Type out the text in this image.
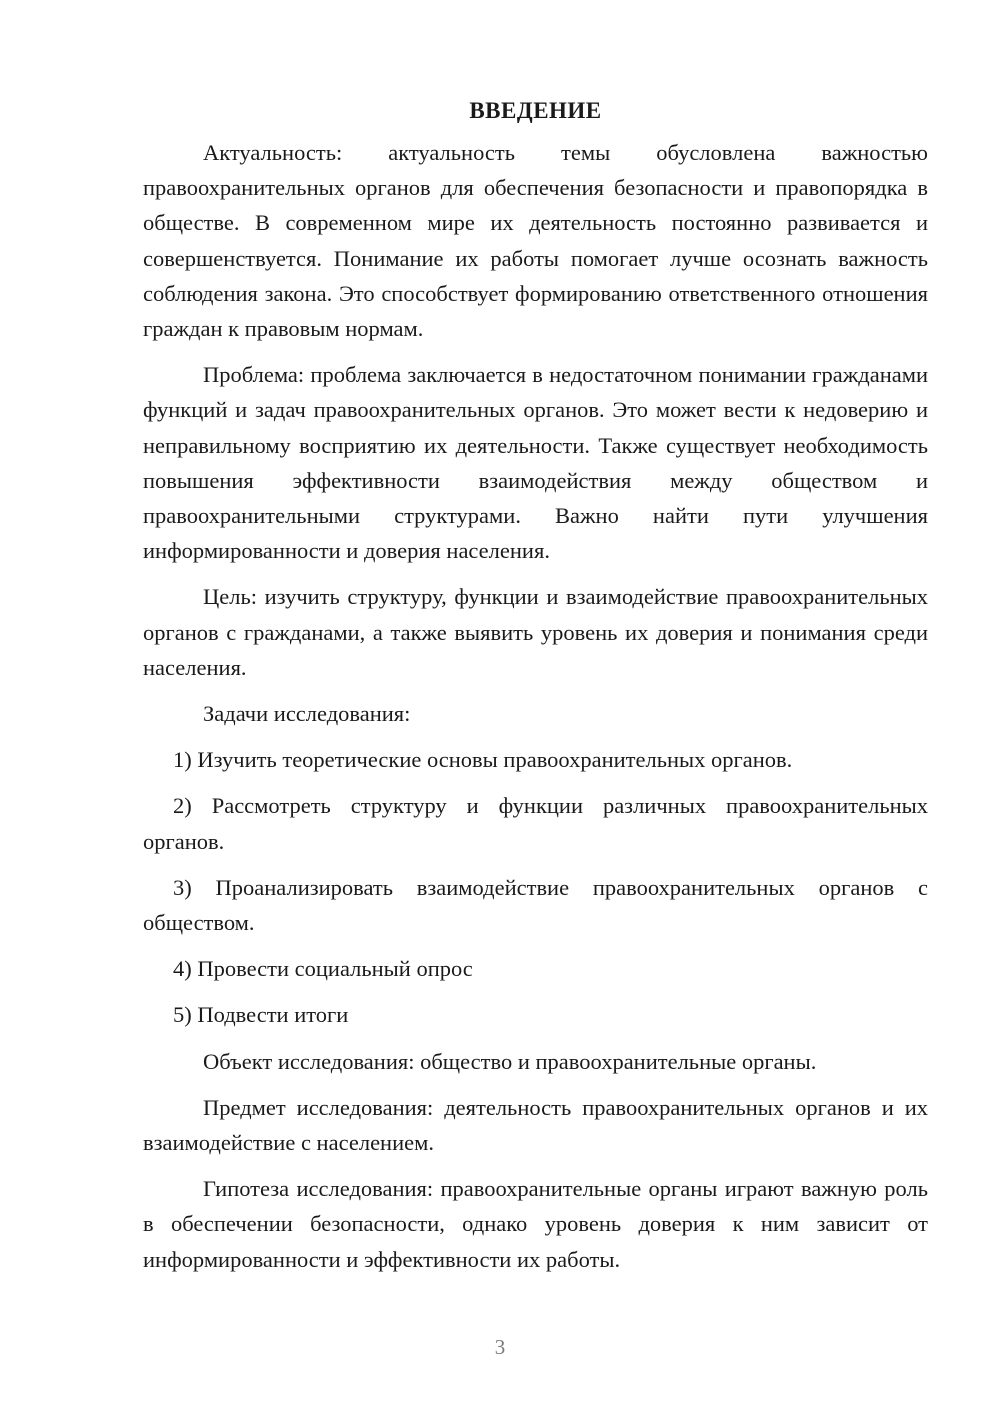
ВВЕДЕНИЕ

Актуальность: актуальность темы обусловлена важностью правоохранительных органов для обеспечения безопасности и правопорядка в обществе. В современном мире их деятельность постоянно развивается и совершенствуется. Понимание их работы помогает лучше осознать важность соблюдения закона. Это способствует формированию ответственного отношения граждан к правовым нормам.

Проблема: проблема заключается в недостаточном понимании гражданами функций и задач правоохранительных органов. Это может вести к недоверию и неправильному восприятию их деятельности. Также существует необходимость повышения эффективности взаимодействия между обществом и правоохранительными структурами. Важно найти пути улучшения информированности и доверия населения.

Цель: изучить структуру, функции и взаимодействие правоохранительных органов с гражданами, а также выявить уровень их доверия и понимания среди населения.

Задачи исследования:

1) Изучить теоретические основы правоохранительных органов.

2) Рассмотреть структуру и функции различных правоохранительных органов.

3) Проанализировать взаимодействие правоохранительных органов с обществом.

4) Провести социальный опрос

5) Подвести итоги

Объект исследования: общество и правоохранительные органы.

Предмет исследования: деятельность правоохранительных органов и их взаимодействие с населением.

Гипотеза исследования: правоохранительные органы играют важную роль в обеспечении безопасности, однако уровень доверия к ним зависит от информированности и эффективности их работы.

3
